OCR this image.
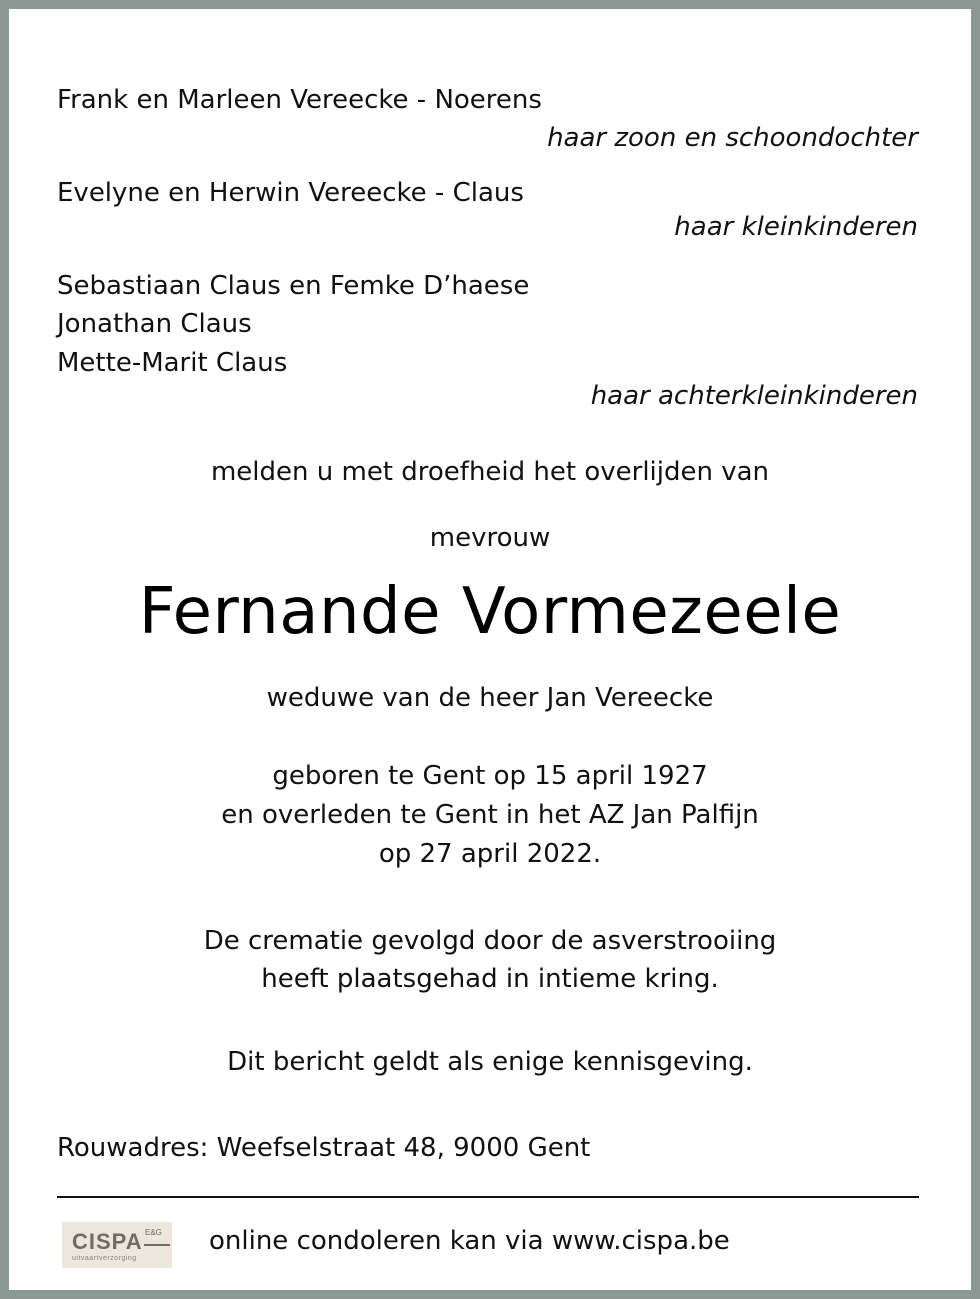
Frank en Marleen Vereecke - Noerens
haar zoon en schoondochter
Evelyne en Herwin Vereecke - Claus
haar kleinkinderen
Sebastiaan Claus en Femke D’haese
Jonathan Claus
Mette-Marit Claus
haar achterkleinkinderen
melden u met droefheid het overlijden van
mevrouw
Fernande Vormezeele
weduwe van de heer Jan Vereecke
geboren te Gent op 15 april 1927
en overleden te Gent in het AZ Jan Palfijn
op 27 april 2022.
De crematie gevolgd door de asverstrooiing
heeft plaatsgehad in intieme kring.
Dit bericht geldt als enige kennisgeving.
Rouwadres: Weefselstraat 48, 9000 Gent
CISPA E&G
uitvaartverzorging
online condoleren kan via www.cispa.be
